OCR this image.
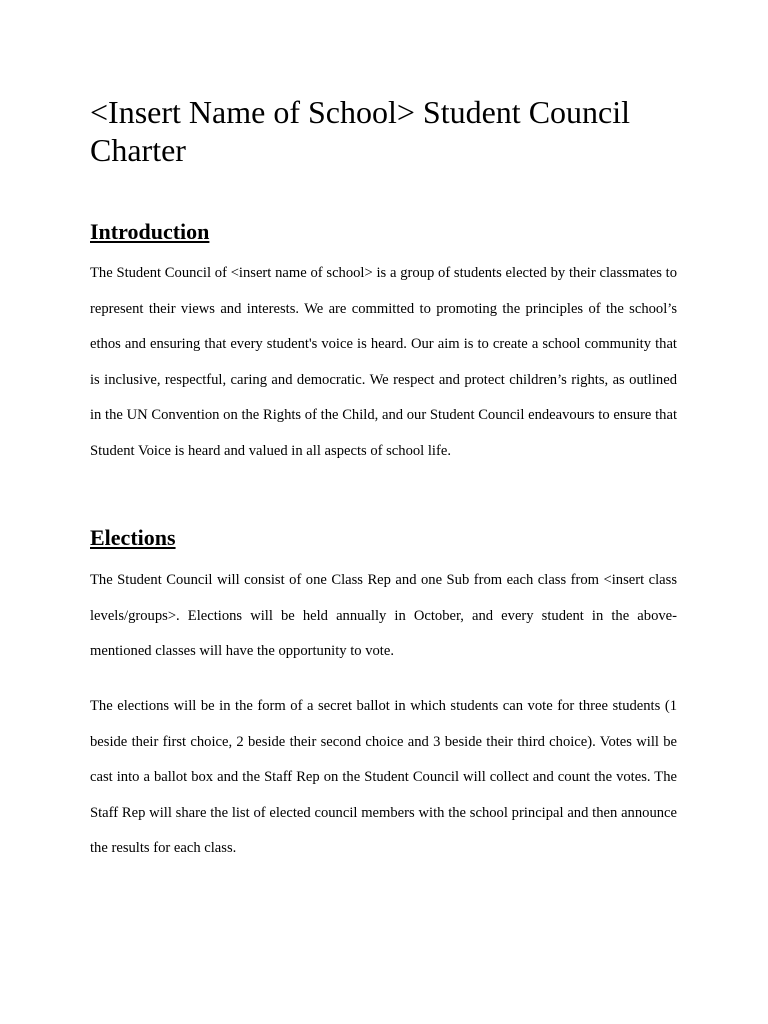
<Insert Name of School> Student Council Charter
Introduction

The Student Council of <insert name of school> is a group of students elected by their classmates to represent their views and interests. We are committed to promoting the principles of the school’s ethos and ensuring that every student's voice is heard. Our aim is to create a school community that is inclusive, respectful, caring and democratic. We respect and protect children’s rights, as outlined in the UN Convention on the Rights of the Child, and our Student Council endeavours to ensure that Student Voice is heard and valued in all aspects of school life.

Elections

The Student Council will consist of one Class Rep and one Sub from each class from <insert class levels/groups>. Elections will be held annually in October, and every student in the above-mentioned classes will have the opportunity to vote.

The elections will be in the form of a secret ballot in which students can vote for three students (1 beside their first choice, 2 beside their second choice and 3 beside their third choice). Votes will be cast into a ballot box and the Staff Rep on the Student Council will collect and count the votes. The Staff Rep will share the list of elected council members with the school principal and then announce the results for each class.
